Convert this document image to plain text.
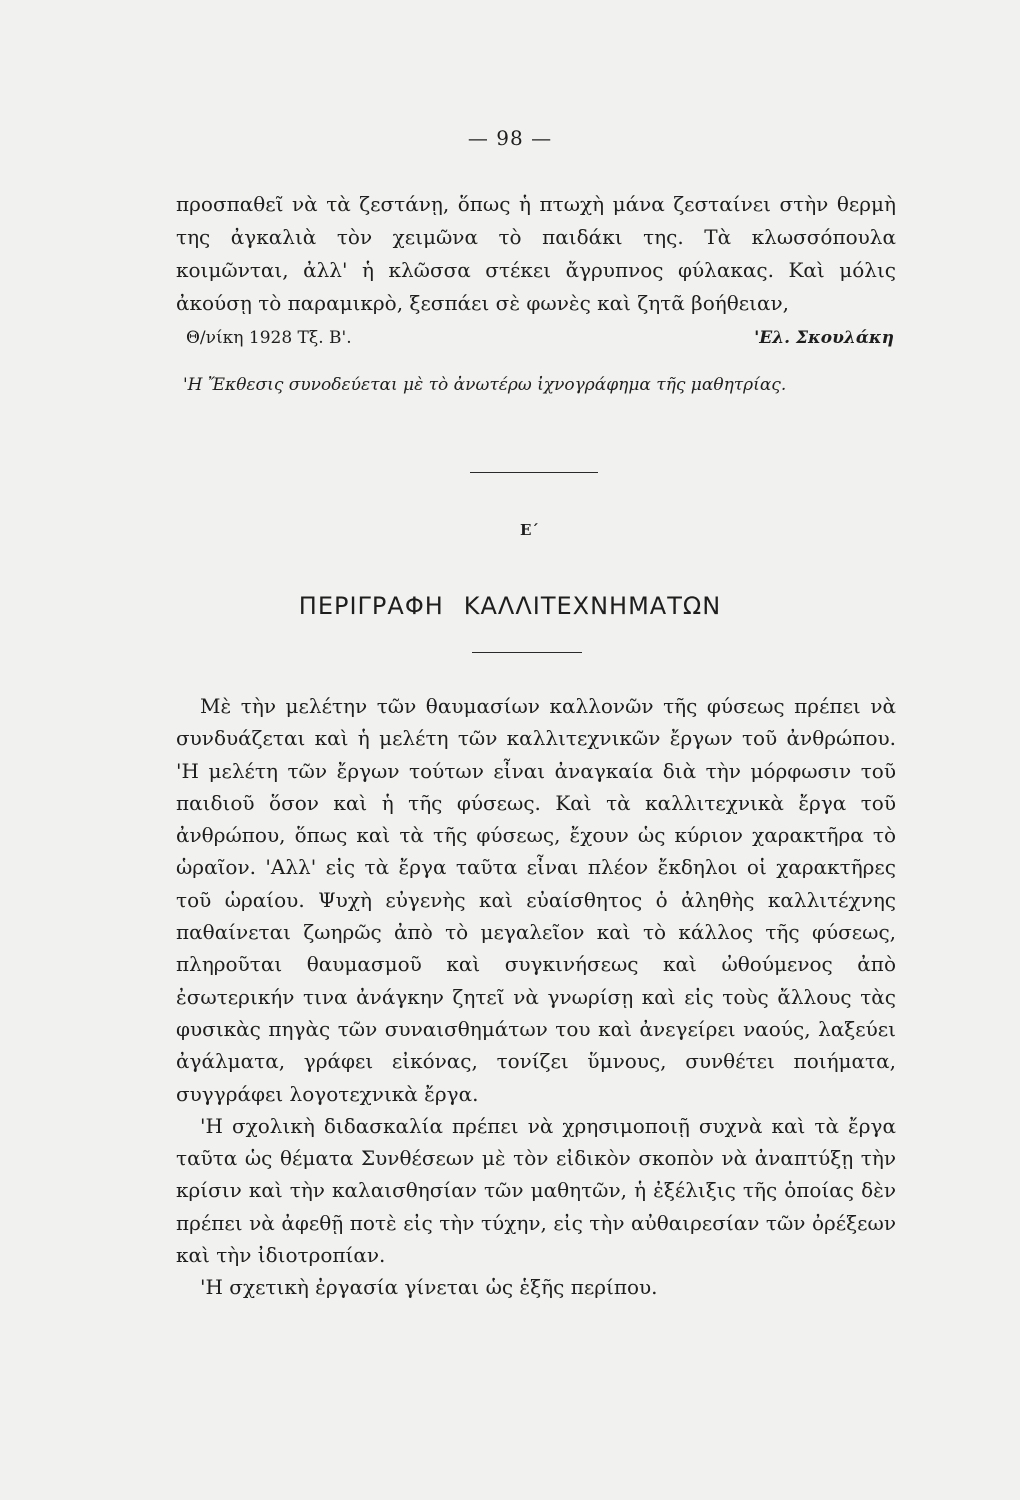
— 98 —

προσπαθεῖ νὰ τὰ ζεστάνῃ, ὅπως ἡ πτωχὴ μάνα ζεσταίνει στὴν θερμὴ της ἀγκαλιὰ τὸν χειμῶνα τὸ παιδάκι της. Τὰ κλωσσόπουλα κοιμῶνται, ἀλλ' ἡ κλῶσσα στέκει ἄγρυπνος φύλακας. Καὶ μόλις ἀκούσῃ τὸ παραμικρὸ, ξεσπάει σὲ φωνὲς καὶ ζητᾶ βοήθειαν,

Θ/νίκη 1928 Τξ. Β'.	'Ελ. Σκουλάκη
'Η Ἔκθεσις συνοδεύεται μὲ τὸ ἀνωτέρω ἰχνογράφημα τῆς μαθητρίας.
Ε΄
ΠΕΡΙΓΡΑΦΗ ΚΑΛΛΙΤΕΧΝΗΜΑΤΩΝ

Μὲ τὴν μελέτην τῶν θαυμασίων καλλονῶν τῆς φύσεως πρέπει νὰ συνδυάζεται καὶ ἡ μελέτη τῶν καλλιτεχνικῶν ἔργων τοῦ ἀνθρώπου. 'Η μελέτη τῶν ἔργων τούτων εἶναι ἀναγκαία διὰ τὴν μόρφωσιν τοῦ παιδιοῦ ὅσον καὶ ἡ τῆς φύσεως. Καὶ τὰ καλλιτεχνικὰ ἔργα τοῦ ἀνθρώπου, ὅπως καὶ τὰ τῆς φύσεως, ἔχουν ὡς κύριον χαρακτῆρα τὸ ὡραῖον. 'Αλλ' εἰς τὰ ἔργα ταῦτα εἶναι πλέον ἔκδηλοι οἱ χαρακτῆρες τοῦ ὡραίου. Ψυχὴ εὐγενὴς καὶ εὐαίσθητος ὁ ἀληθὴς καλλιτέχνης παθαίνεται ζωηρῶς ἀπὸ τὸ μεγαλεῖον καὶ τὸ κάλλος τῆς φύσεως, πληροῦται θαυμασμοῦ καὶ συγκινήσεως καὶ ὠθούμενος ἀπὸ ἐσωτερικήν τινα ἀνάγκην ζητεῖ νὰ γνωρίσῃ καὶ εἰς τοὺς ἄλλους τὰς φυσικὰς πηγὰς τῶν συναισθημάτων του καὶ ἀνεγείρει ναούς, λαξεύει ἀγάλματα, γράφει εἰκόνας, τονίζει ὕμνους, συνθέτει ποιήματα, συγγράφει λογοτεχνικὰ ἔργα.

'Η σχολικὴ διδασκαλία πρέπει νὰ χρησιμοποιῇ συχνὰ καὶ τὰ ἔργα ταῦτα ὡς θέματα Συνθέσεων μὲ τὸν εἰδικὸν σκοπὸν νὰ ἀναπτύξῃ τὴν κρίσιν καὶ τὴν καλαισθησίαν τῶν μαθητῶν, ἡ ἐξέλιξις τῆς ὁποίας δὲν πρέπει νὰ ἀφεθῇ ποτὲ εἰς τὴν τύχην, εἰς τὴν αὐθαιρεσίαν τῶν ὀρέξεων καὶ τὴν ἰδιοτροπίαν.

'Η σχετικὴ ἐργασία γίνεται ὡς ἑξῆς περίπου.
